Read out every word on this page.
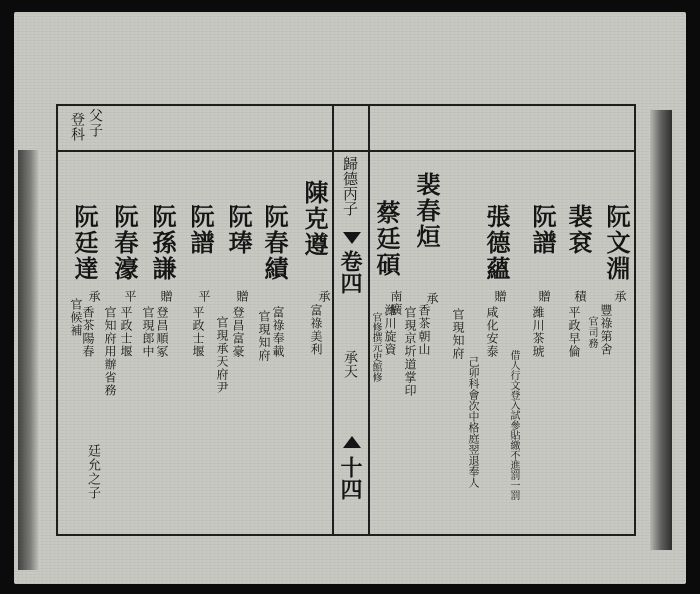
父子
登科
歸德丙子
卷四
承天
十四
阮文淵
承
豐祿第舍
官司務
裴袞
積
平政早倫
阮譜
贈
濰川茶琥
借人行文登入試參貼繳不進罰一罰
張德蘊
贈
咸化安泰
己卯科會次中格庭翌退奉人
官現知府
裴春烜
承
香茶朝山
官現京圻道掌印
蔡廷碩
南廣
濰川旋資
官修撰元史館修
陳克遵
承
富祿美利
阮春績
富祿奉載
官現知府
阮琫
贈
登昌富豪
官現承天府尹
阮譜
平
平政士堰
阮孫謙
贈
登昌順冢
官現郎中
阮春濠
平
平政士堰
官知府用辦省務
阮廷達
承
香茶陽春
官候補
廷允之子
